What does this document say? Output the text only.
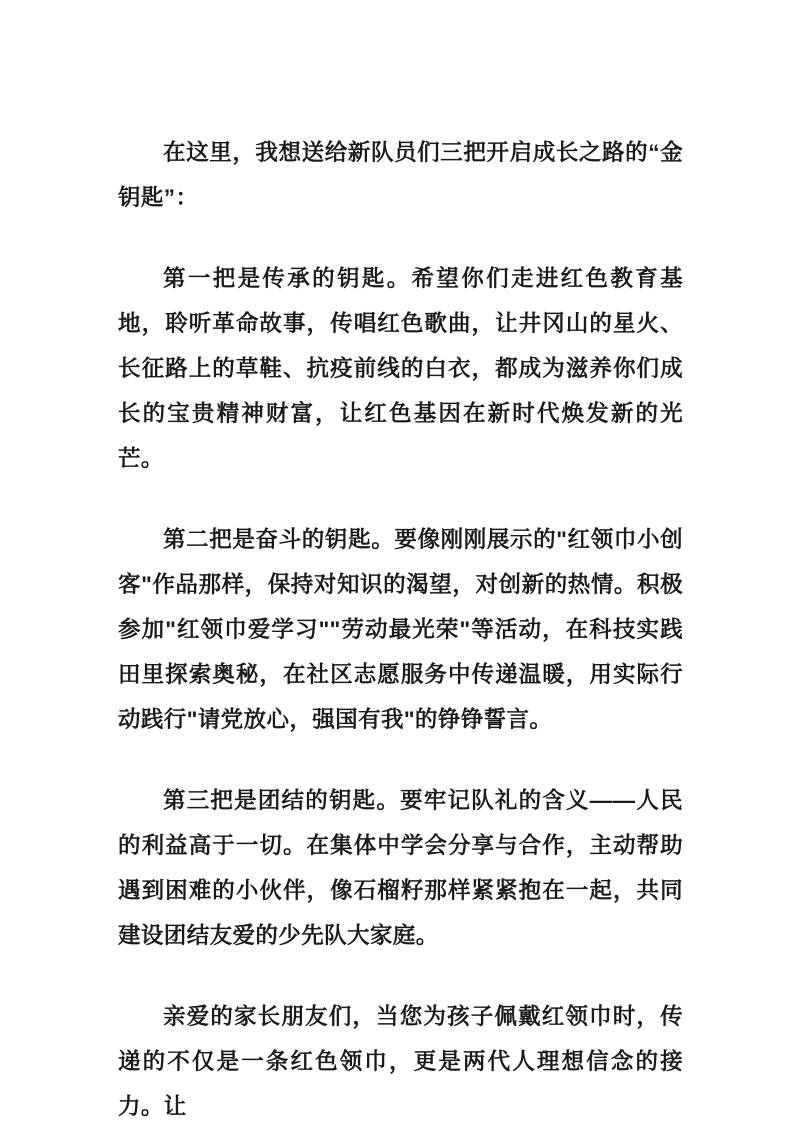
在这里，我想送给新队员们三把开启成长之路的“金钥匙”：

第一把是传承的钥匙。希望你们走进红色教育基地，聆听革命故事，传唱红色歌曲，让井冈山的星火、长征路上的草鞋、抗疫前线的白衣，都成为滋养你们成长的宝贵精神财富，让红色基因在新时代焕发新的光芒。

第二把是奋斗的钥匙。要像刚刚展示的"红领巾小创客"作品那样，保持对知识的渴望，对创新的热情。积极参加"红领巾爱学习""劳动最光荣"等活动，在科技实践田里探索奥秘，在社区志愿服务中传递温暖，用实际行动践行"请党放心，强国有我"的铮铮誓言。

第三把是团结的钥匙。要牢记队礼的含义——人民的利益高于一切。在集体中学会分享与合作，主动帮助遇到困难的小伙伴，像石榴籽那样紧紧抱在一起，共同建设团结友爱的少先队大家庭。

亲爱的家长朋友们，当您为孩子佩戴红领巾时，传递的不仅是一条红色领巾，更是两代人理想信念的接力。让
